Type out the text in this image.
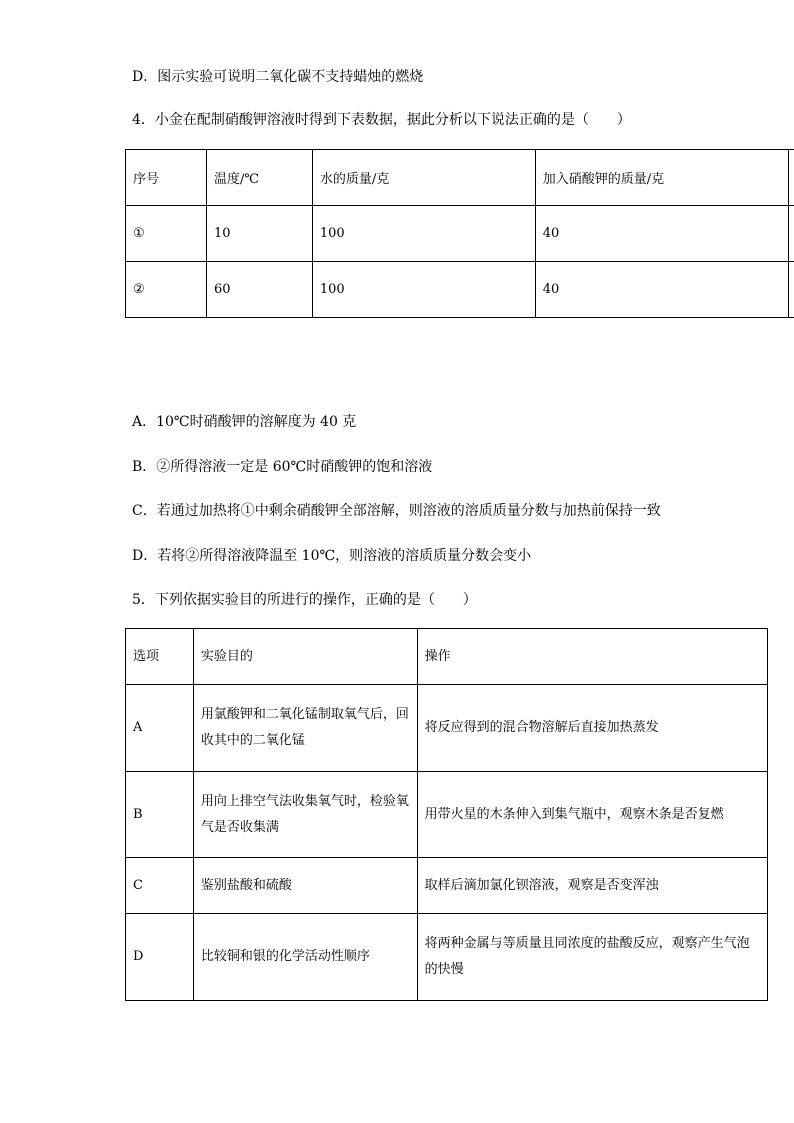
D．图示实验可说明二氧化碳不支持蜡烛的燃烧
4．小金在配制硝酸钾溶液时得到下表数据，据此分析以下说法正确的是（　　）
序号	温度/℃	水的质量/克	加入硝酸钾的质量/克	
①	10	100	40	
②	60	100	40	
A．10℃时硝酸钾的溶解度为 40 克
B．②所得溶液一定是 60℃时硝酸钾的饱和溶液
C．若通过加热将①中剩余硝酸钾全部溶解，则溶液的溶质质量分数与加热前保持一致
D．若将②所得溶液降温至 10℃，则溶液的溶质质量分数会变小
5．下列依据实验目的所进行的操作，正确的是（　　）
选项	实验目的	操作
A	用氯酸钾和二氧化锰制取氧气后，回收其中的二氧化锰	将反应得到的混合物溶解后直接加热蒸发
B	用向上排空气法收集氧气时，检验氧气是否收集满	用带火星的木条伸入到集气瓶中，观察木条是否复燃
C	鉴别盐酸和硫酸	取样后滴加氯化钡溶液，观察是否变浑浊
D	比较铜和银的化学活动性顺序	将两种金属与等质量且同浓度的盐酸反应，观察产生气泡的快慢
